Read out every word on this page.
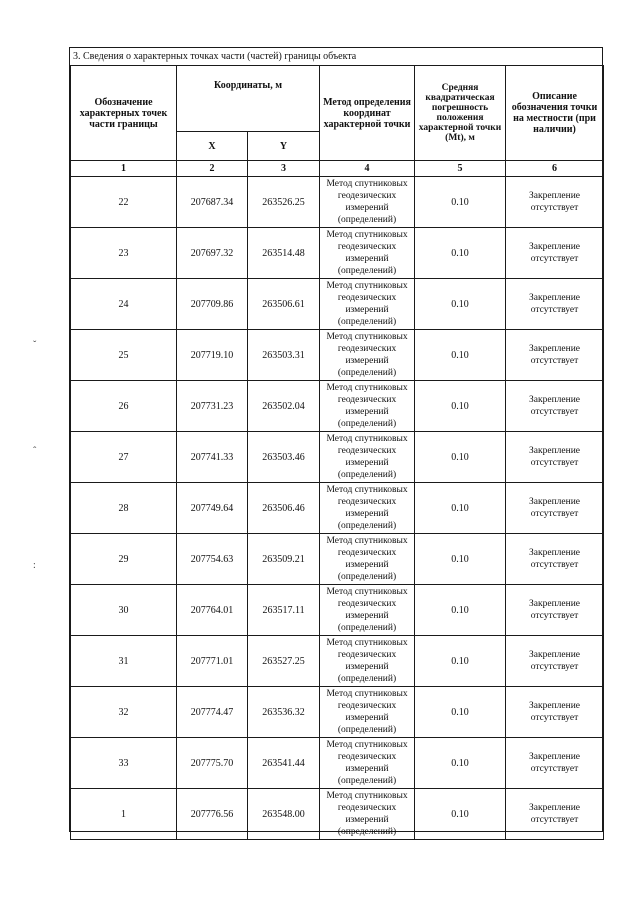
ˇ
ˆ
:
3. Сведения о характерных точках части (частей) границы объекта
Обозначение характерных точек части границы	Координаты, м		Метод определения координат характерной точки	Средняя квадратическая погрешность положения характерной точки (Mt), м	Описание обозначения точки на местности (при наличии)
	X	Y			
1	2	3	4	5	6
22	207687.34	263526.25	Метод спутниковых геодезических измерений (определений)	0.10	Закрепление отсутствует
23	207697.32	263514.48	Метод спутниковых геодезических измерений (определений)	0.10	Закрепление отсутствует
24	207709.86	263506.61	Метод спутниковых геодезических измерений (определений)	0.10	Закрепление отсутствует
25	207719.10	263503.31	Метод спутниковых геодезических измерений (определений)	0.10	Закрепление отсутствует
26	207731.23	263502.04	Метод спутниковых геодезических измерений (определений)	0.10	Закрепление отсутствует
27	207741.33	263503.46	Метод спутниковых геодезических измерений (определений)	0.10	Закрепление отсутствует
28	207749.64	263506.46	Метод спутниковых геодезических измерений (определений)	0.10	Закрепление отсутствует
29	207754.63	263509.21	Метод спутниковых геодезических измерений (определений)	0.10	Закрепление отсутствует
30	207764.01	263517.11	Метод спутниковых геодезических измерений (определений)	0.10	Закрепление отсутствует
31	207771.01	263527.25	Метод спутниковых геодезических измерений (определений)	0.10	Закрепление отсутствует
32	207774.47	263536.32	Метод спутниковых геодезических измерений (определений)	0.10	Закрепление отсутствует
33	207775.70	263541.44	Метод спутниковых геодезических измерений (определений)	0.10	Закрепление отсутствует
1	207776.56	263548.00	Метод спутниковых геодезических измерений (определений)	0.10	Закрепление отсутствует
